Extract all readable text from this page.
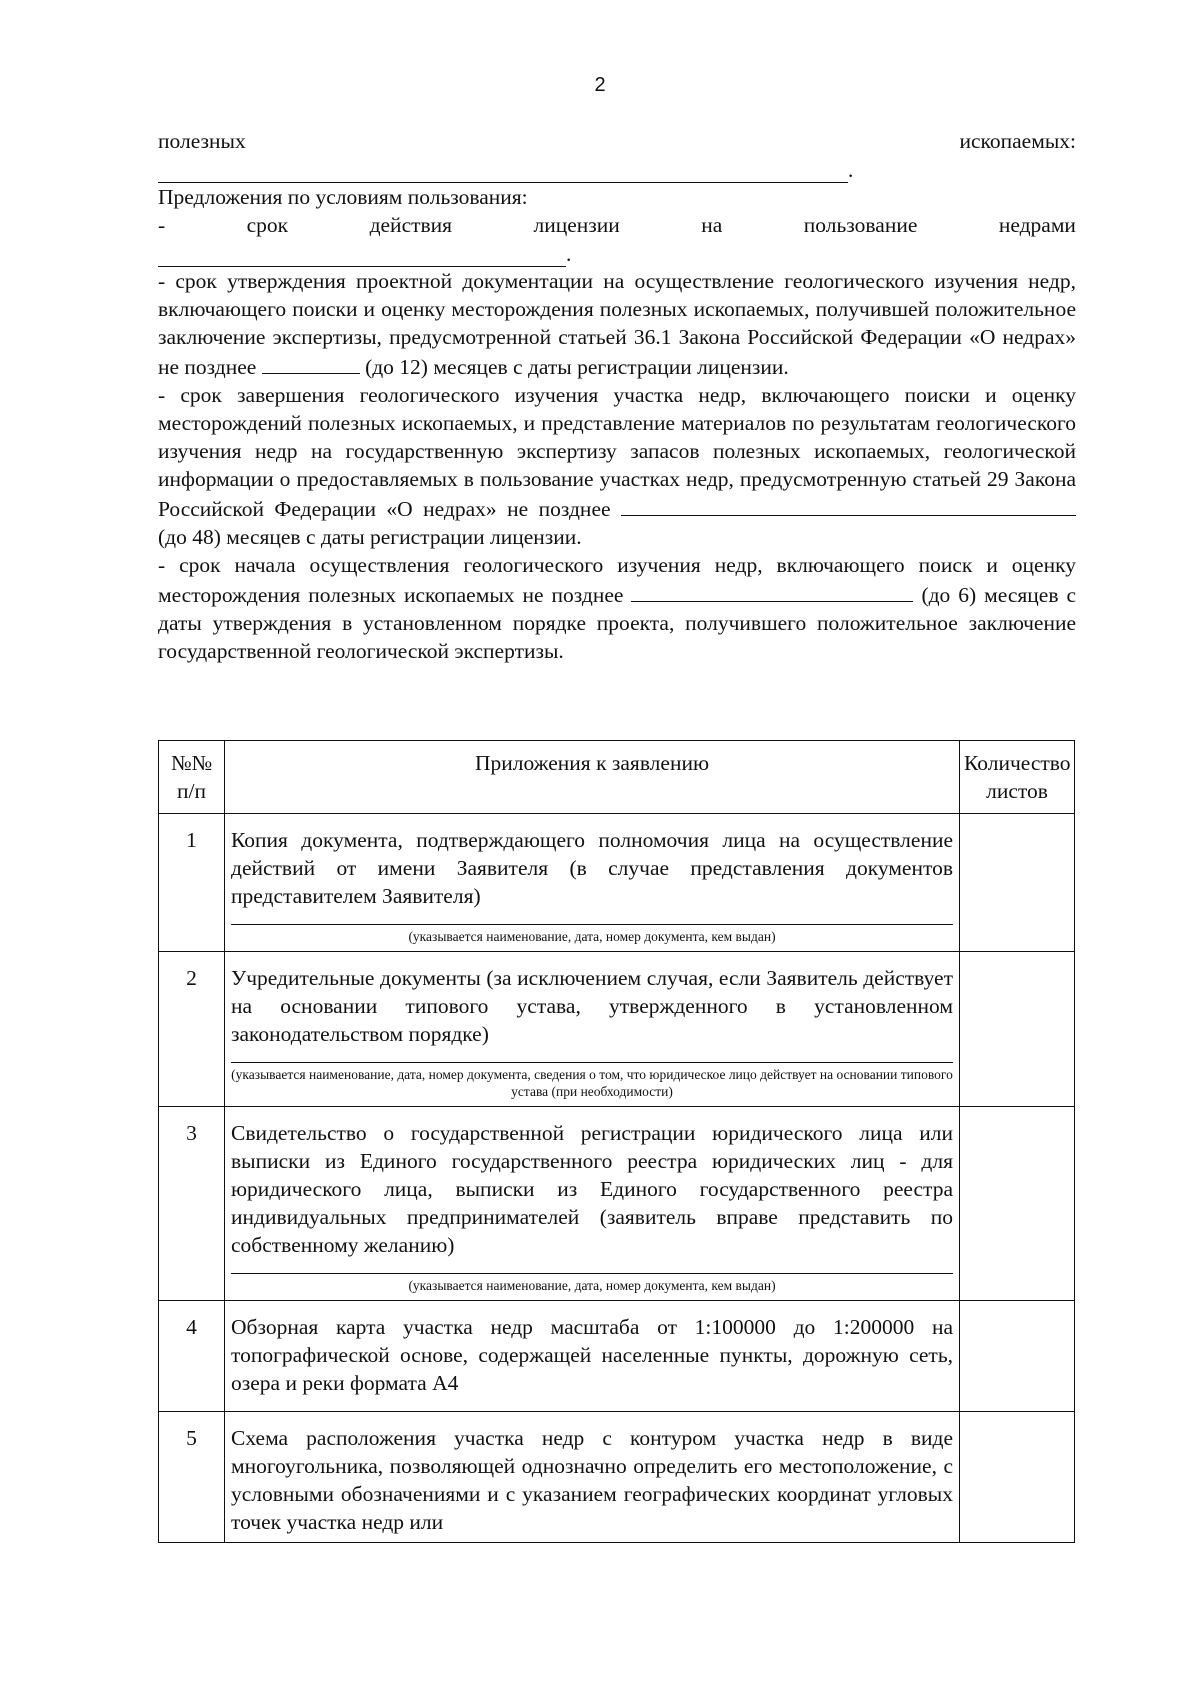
2
полезных	ископаемых:
.

Предложения по условиям пользования:

-	срок	действия	лицензии	на	пользование	недрами
.

- срок утверждения проектной документации на осуществление геологического изучения недр, включающего поиски и оценку месторождения полезных ископаемых, получившей положительное заключение экспертизы, предусмотренной статьей 36.1 Закона Российской Федерации «О недрах» не позднее	(до 12) месяцев с даты регистрации лицензии.

- срок завершения геологического изучения участка недр, включающего поиски и оценку месторождений полезных ископаемых, и представление материалов по результатам геологического изучения недр на государственную экспертизу запасов полезных ископаемых, геологической информации о предоставляемых в пользование участках недр, предусмотренную статьей 29 Закона Российской Федерации «О недрах» не позднее  (до 48) месяцев с даты регистрации лицензии.

- срок начала осуществления геологического изучения недр, включающего поиск и оценку месторождения полезных ископаемых не позднее	(до 6) месяцев с даты утверждения в установленном порядке проекта, получившего положительное заключение государственной геологической экспертизы.

№№ п/п	Приложения к заявлению	Количество листов
1	Копия документа, подтверждающего полномочия лица на осуществление действий от имени Заявителя (в случае представления документов представителем Заявителя)
(указывается наименование, дата, номер документа, кем выдан)	

2	Учредительные документы (за исключением случая, если Заявитель действует на основании типового устава, утвержденного в установленном законодательством порядке)
(указывается наименование, дата, номер документа, сведения о том, что юридическое лицо действует на основании типового устава (при необходимости)	

3	Свидетельство о государственной регистрации юридического лица или выписки из Единого государственного реестра юридических лиц - для юридического лица, выписки из Единого государственного реестра индивидуальных предпринимателей (заявитель вправе представить по собственному желанию)
(указывается наименование, дата, номер документа, кем выдан)	

4	Обзорная карта участка недр масштаба от 1:100000 до 1:200000 на топографической основе, содержащей населенные пункты, дорожную сеть, озера и реки формата А4	

5	Схема расположения участка недр с контуром участка недр в виде многоугольника, позволяющей однозначно определить его местоположение, с условными обозначениями и с указанием географических координат угловых точек участка недр или	
